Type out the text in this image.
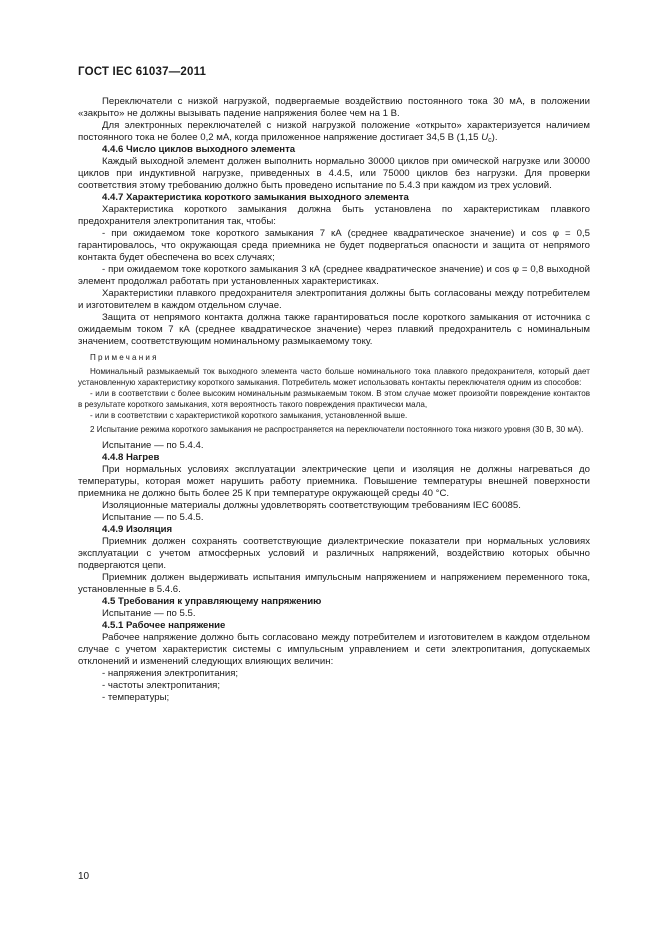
ГОСТ IEC 61037—2011

Переключатели с низкой нагрузкой, подвергаемые воздействию постоянного тока 30 мА, в положении «закрыто» не должны вызывать падение напряжения более чем на 1 В.

Для электронных переключателей с низкой нагрузкой положение «открыто» характеризуется наличием постоянного тока не более 0,2 мА, когда приложенное напряжение достигает 34,5 В (1,15 $U_c$).

4.4.6 Число циклов выходного элемента

Каждый выходной элемент должен выполнить нормально 30000 циклов при омической нагрузке или 30000 циклов при индуктивной нагрузке, приведенных в 4.4.5, или 75000 циклов без нагрузки. Для проверки соответствия этому требованию должно быть проведено испытание по 5.4.3 при каждом из трех условий.

4.4.7 Характеристика короткого замыкания выходного элемента

Характеристика короткого замыкания должна быть установлена по характеристикам плавкого предохранителя электропитания так, чтобы:

- при ожидаемом токе короткого замыкания 7 кА (среднее квадратическое значение) и cos φ = 0,5 гарантировалось, что окружающая среда приемника не будет подвергаться опасности и защита от непрямого контакта будет обеспечена во всех случаях;

- при ожидаемом токе короткого замыкания 3 кА (среднее квадратическое значение) и cos φ = 0,8 выходной элемент продолжал работать при установленных характеристиках.

Характеристики плавкого предохранителя электропитания должны быть согласованы между потребителем и изготовителем в каждом отдельном случае.

Защита от непрямого контакта должна также гарантироваться после короткого замыкания от источника с ожидаемым током 7 кА (среднее квадратическое значение) через плавкий предохранитель с номинальным значением, соответствующим номинальному размыкаемому току.

Примечания

Номинальный размыкаемый ток выходного элемента часто больше номинального тока плавкого предохранителя, который дает установленную характеристику короткого замыкания. Потребитель может использовать контакты переключателя одним из способов:

- или в соответствии с более высоким номинальным размыкаемым током. В этом случае может произойти повреждение контактов в результате короткого замыкания, хотя вероятность такого повреждения практически мала,

- или в соответствии с характеристикой короткого замыкания, установленной выше.

2 Испытание режима короткого замыкания не распространяется на переключатели постоянного тока низкого уровня (30 В, 30 мА).

Испытание — по 5.4.4.

4.4.8 Нагрев

При нормальных условиях эксплуатации электрические цепи и изоляция не должны нагреваться до температуры, которая может нарушить работу приемника. Повышение температуры внешней поверхности приемника не должно быть более 25 К при температуре окружающей среды 40 °С.

Изоляционные материалы должны удовлетворять соответствующим требованиям IEC 60085.

Испытание — по 5.4.5.

4.4.9 Изоляция

Приемник должен сохранять соответствующие диэлектрические показатели при нормальных условиях эксплуатации с учетом атмосферных условий и различных напряжений, воздействию которых обычно подвергаются цепи.

Приемник должен выдерживать испытания импульсным напряжением и напряжением переменного тока, установленные в 5.4.6.

4.5 Требования к управляющему напряжению

Испытание — по 5.5.

4.5.1 Рабочее напряжение

Рабочее напряжение должно быть согласовано между потребителем и изготовителем в каждом отдельном случае с учетом характеристик системы с импульсным управлением и сети электропитания, допускаемых отклонений и изменений следующих влияющих величин:

- напряжения электропитания;

- частоты электропитания;

- температуры;

10
